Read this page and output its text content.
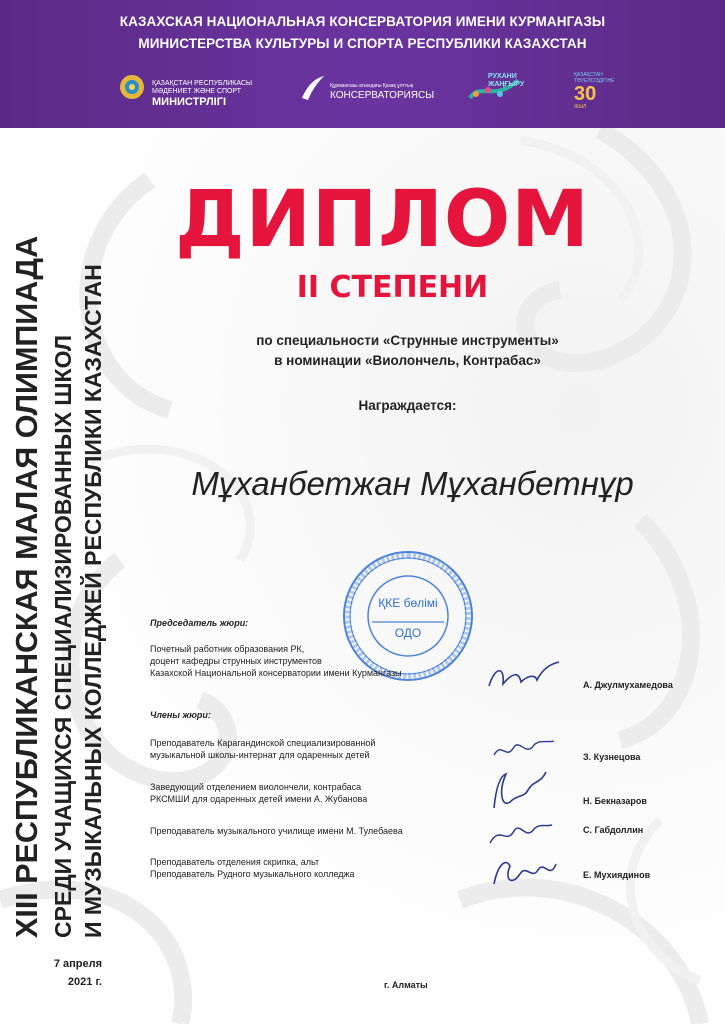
КАЗАХСКАЯ НАЦИОНАЛЬНАЯ КОНСЕРВАТОРИЯ ИМЕНИ КУРМАНГАЗЫ
МИНИСТЕРСТВА КУЛЬТУРЫ И СПОРТА РЕСПУБЛИКИ КАЗАХСТАН
ҚАЗАҚСТАН РЕСПУБЛИКАСЫ
МӘДЕНИЕТ ЖӘНЕ СПОРТ
МИНИСТРЛІГІ
Құрманғазы атындағы Қазақ ұлттық
КОНСЕРВАТОРИЯСЫ
РУХАНИ
ЖАҢҒЫРУ
ҚАЗАҚСТАН
ТӘУЕЛСІЗДІГІНЕ
30
ЖЫЛ
ДИПЛОМ
II СТЕПЕНИ
по специальности «Струнные инструменты»
в номинации «Виолончель, Контрабас»
Награждается:
Мұханбетжан Мұханбетнұр
XIII РЕСПУБЛИКАНСКАЯ МАЛАЯ ОЛИМПИАДА СРЕДИ УЧАЩИХСЯ СПЕЦИАЛИЗИРОВАННЫХ ШКОЛ И МУЗЫКАЛЬНЫХ КОЛЛЕДЖЕЙ РЕСПУБЛИКИ КАЗАХСТАН	ҚКЕ бөлімі
ОДО
Председатель жюри:
Почетный работник образования РК,
доцент кафедры струнных инструментов
Казахской Национальной консерватории имени Курмангазы
А. Джулмухамедова
Члены жюри:
Преподаватель Карагандинской специализированной
музыкальной школы-интернат для одаренных детей	З. Кузнецова
Заведующий отделением виолончели, контрабаса
РКСМШИ для одаренных детей имени А. Жубанова	Н. Бекназаров
Преподаватель музыкального училище имени М. Тулебаева	С. Габдоллин
Преподаватель отделения скрипка, альт
Преподаватель Рудного музыкального колледжа	Е. Мухиядинов
7 апреля
2021 г.	г. Алматы
